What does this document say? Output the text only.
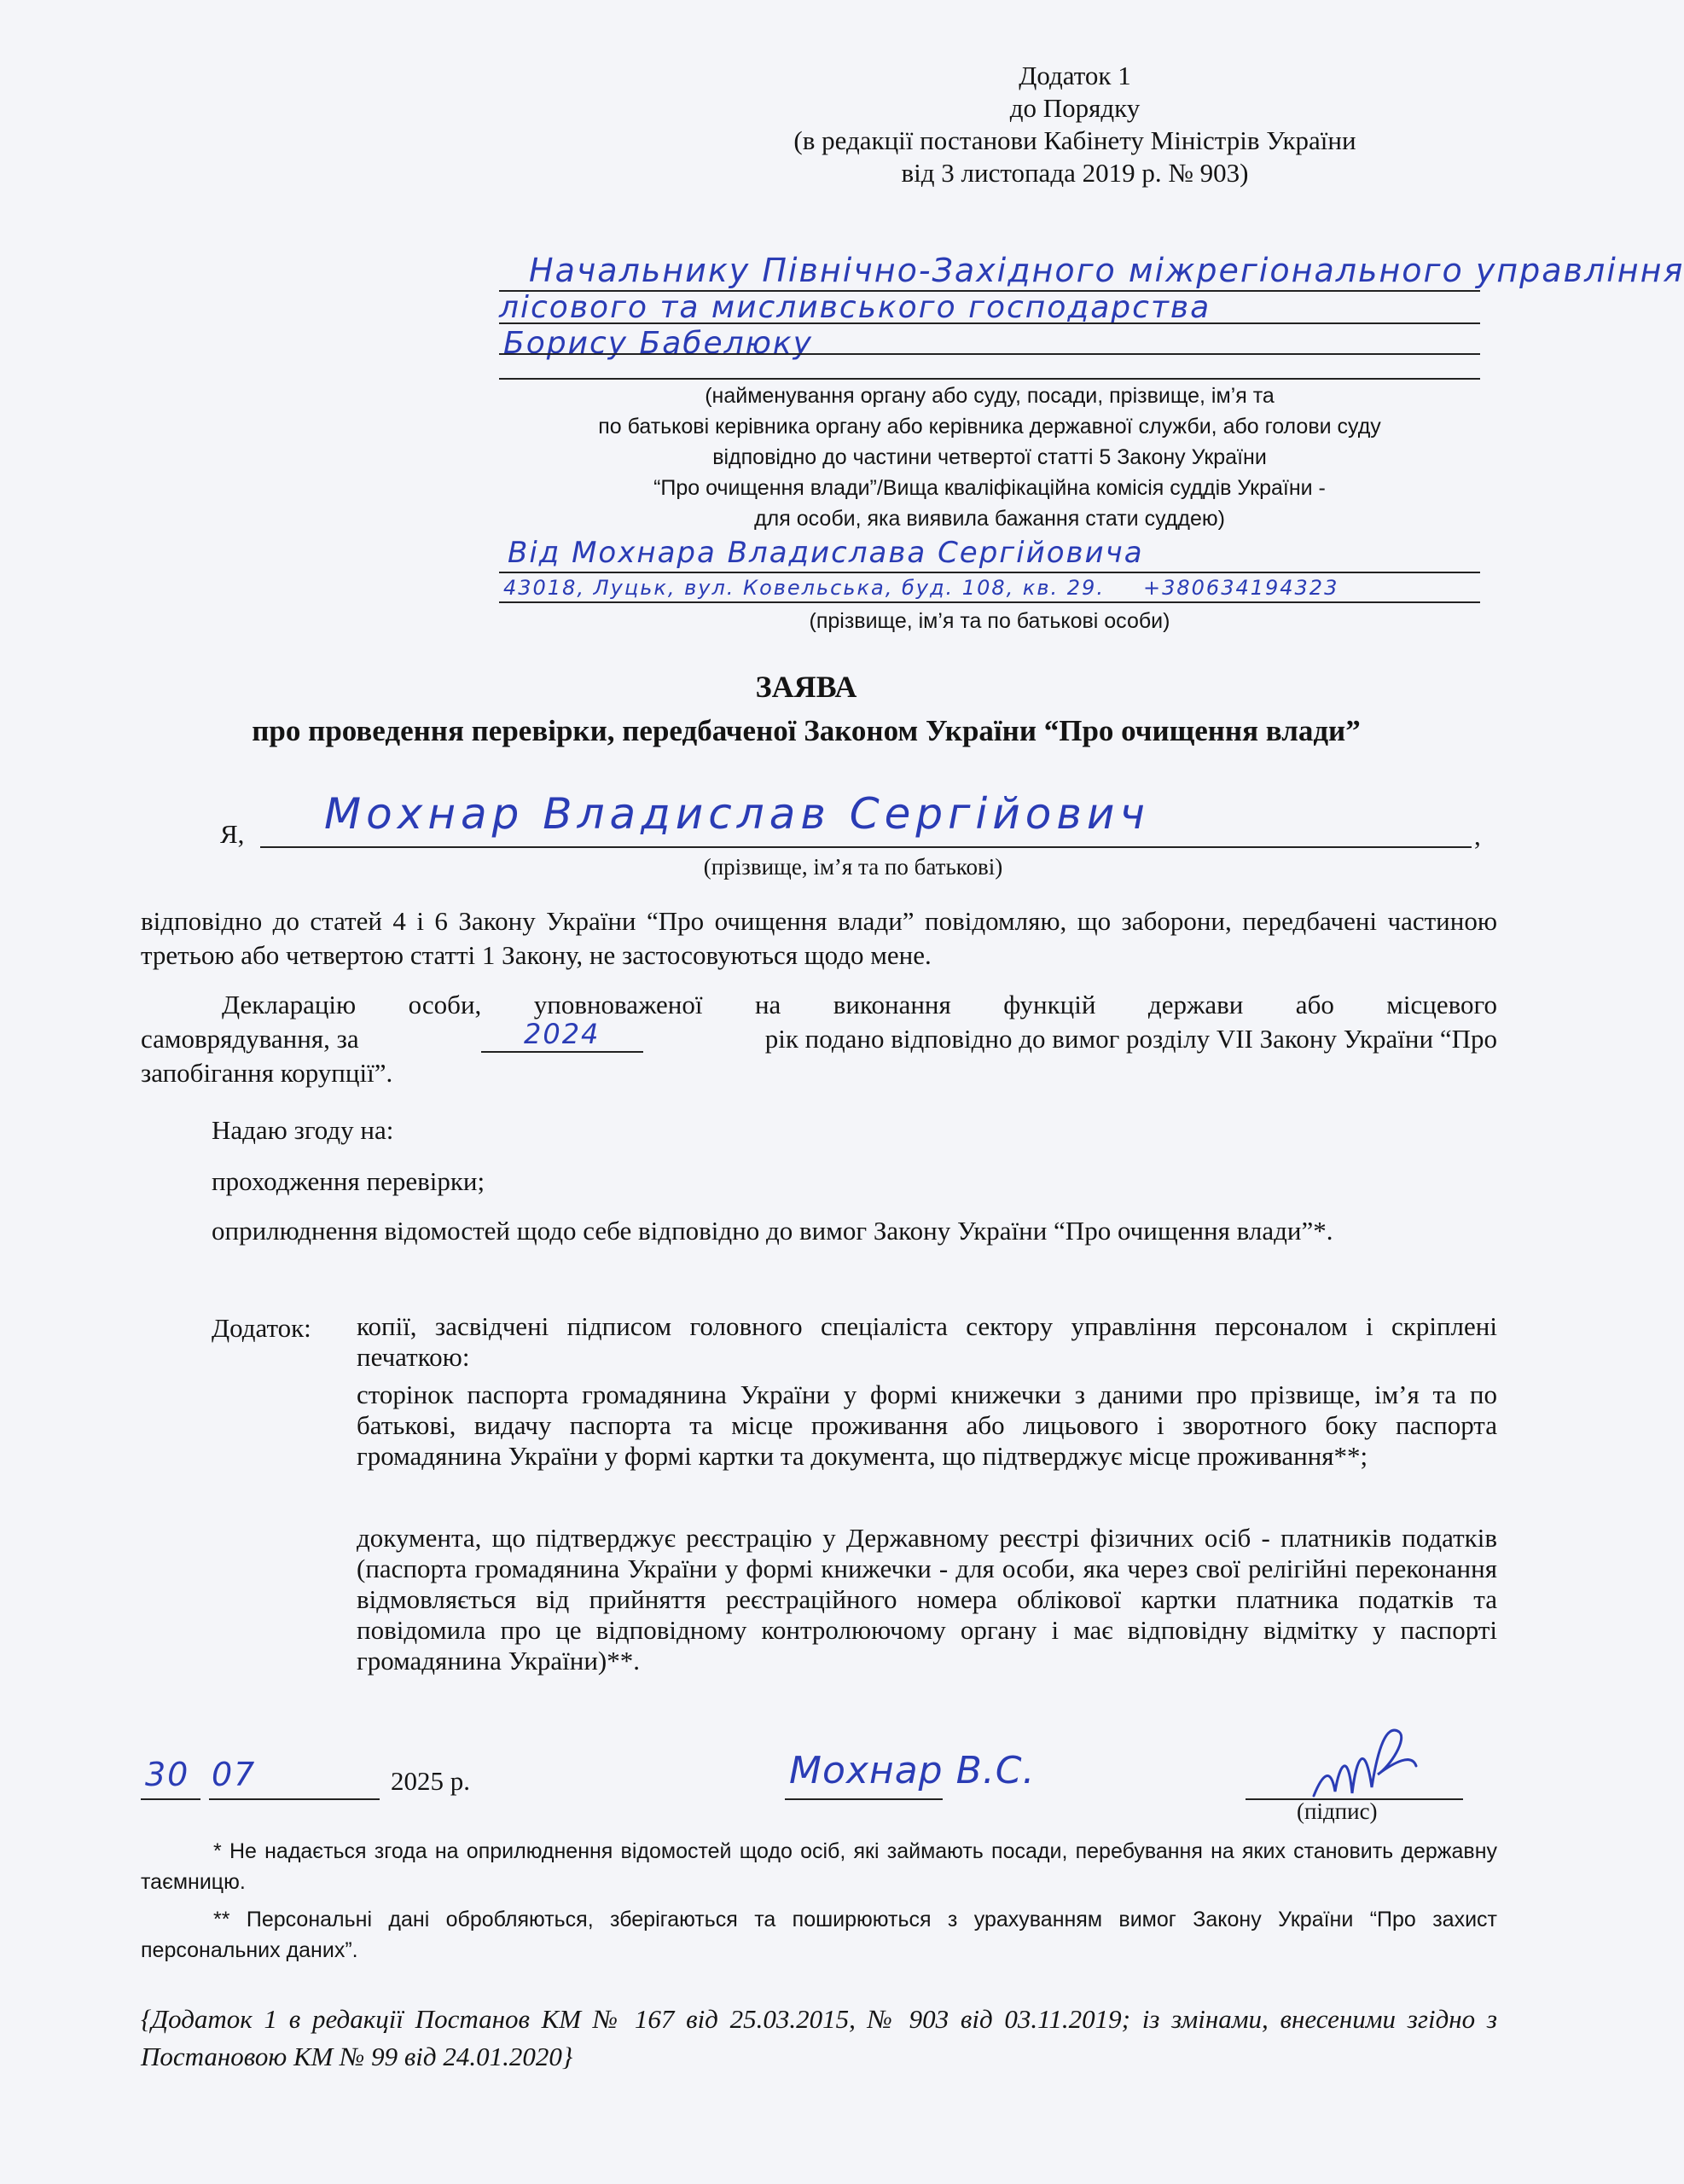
Додаток 1
до Порядку
(в редакції постанови Кабінету Міністрів України
від 3 листопада 2019 р. № 903)
Начальнику Північно-Західного міжрегіонального управління
лісового та мисливського господарства
Борису Бабелюку
(найменування органу або суду, посади, прізвище, ім’я та
по батькові керівника органу або керівника державної служби, або голови суду
відповідно до частини четвертої статті 5 Закону України
“Про очищення влади”/Вища кваліфікаційна комісія суддів України -
для особи, яка виявила бажання стати суддею)
Від Мохнара Владислава Сергійовича
43018, Луцьк, вул. Ковельська, буд. 108, кв. 29. +380634194323
(прізвище, ім’я та по батькові особи)
ЗАЯВА
про проведення перевірки, передбаченої Законом України “Про очищення влади”
Я, Мохнар Владислав Сергійович	,
(прізвище, ім’я та по батькові)
відповідно до статей 4 і 6 Закону України “Про очищення влади” повідомляю, що заборони, передбачені частиною третьою або четвертою статті 1 Закону, не застосовуються щодо мене.
Декларацію особи, уповноваженої на виконання функцій держави або місцевого
самоврядування, за	2024	рік подано відповідно до вимог розділу VII Закону України “Про
запобігання корупції”.
Надаю згоду на:
проходження перевірки;
оприлюднення відомостей щодо себе відповідно до вимог Закону України “Про очищення влади”*.
Додаток: копії, засвідчені підписом головного спеціаліста сектору управління персоналом і скріплені печаткою:
сторінок паспорта громадянина України у формі книжечки з даними про прізвище, ім’я та по батькові, видачу паспорта та місце проживання або лицьового і зворотного боку паспорта громадянина України у формі картки та документа, що підтверджує місце проживання**;
документа, що підтверджує реєстрацію у Державному реєстрі фізичних осіб - платників податків (паспорта громадянина України у формі книжечки - для особи, яка через свої релігійні переконання відмовляється від прийняття реєстраційного номера облікової картки платника податків та повідомила про це відповідному контролюючому органу і має відповідну відмітку у паспорті громадянина України)**.
30 07	2025 р.	Мохнар В.С.
(підпис)
* Не надається згода на оприлюднення відомостей щодо осіб, які займають посади, перебування на яких становить державну таємницю.
** Персональні дані обробляються, зберігаються та поширюються з урахуванням вимог Закону України “Про захист персональних даних”.
{Додаток 1 в редакції Постанов КМ № 167 від 25.03.2015, № 903 від 03.11.2019; із змінами, внесеними згідно з Постановою КМ № 99 від 24.01.2020}
